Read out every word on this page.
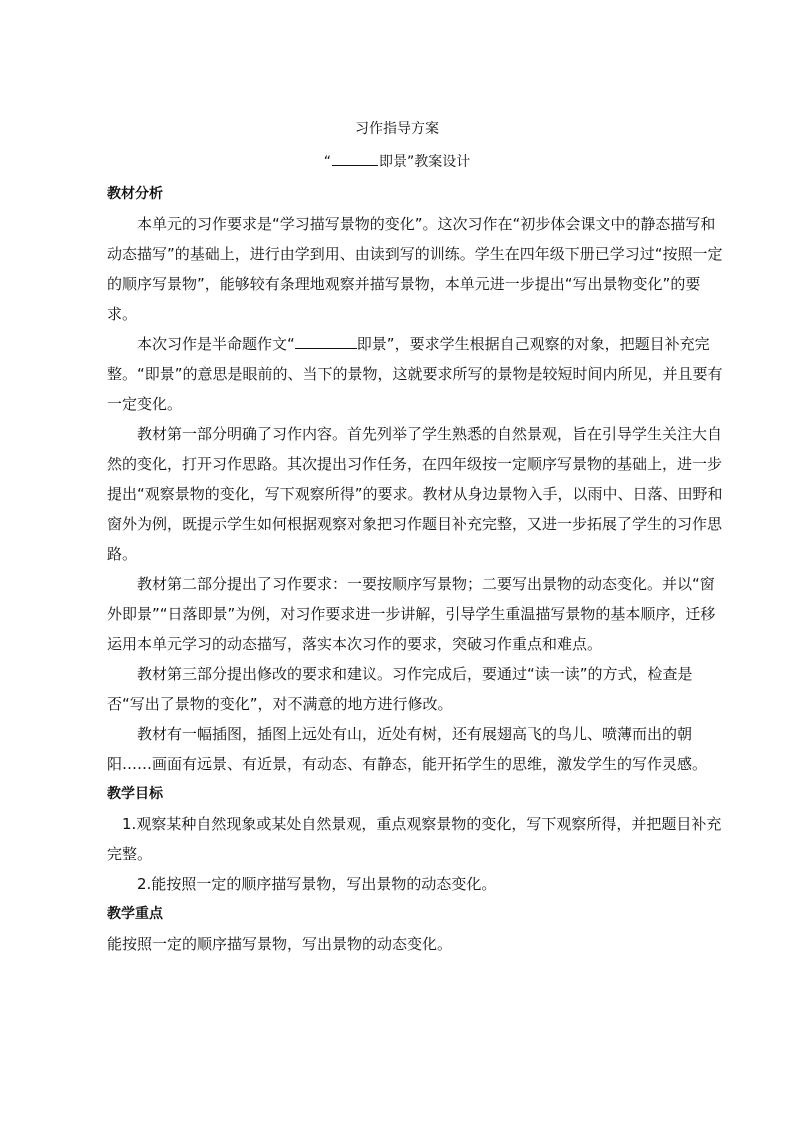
习作指导方案
“	即景”教案设计

教材分析

　　本单元的习作要求是“学习描写景物的变化”。这次习作在“初步体会课文中的静态描写和动态描写”的基础上，进行由学到用、由读到写的训练。学生在四年级下册已学习过“按照一定的顺序写景物”，能够较有条理地观察并描写景物，本单元进一步提出“写出景物变化”的要求。

　　本次习作是半命题作文“	即景”，要求学生根据自己观察的对象，把题目补充完整。“即景”的意思是眼前的、当下的景物，这就要求所写的景物是较短时间内所见，并且要有一定变化。

　　教材第一部分明确了习作内容。首先列举了学生熟悉的自然景观，旨在引导学生关注大自然的变化，打开习作思路。其次提出习作任务，在四年级按一定顺序写景物的基础上，进一步提出“观察景物的变化，写下观察所得”的要求。教材从身边景物入手，以雨中、日落、田野和窗外为例，既提示学生如何根据观察对象把习作题目补充完整，又进一步拓展了学生的习作思路。

　　教材第二部分提出了习作要求：一要按顺序写景物；二要写出景物的动态变化。并以“窗外即景”“日落即景”为例，对习作要求进一步讲解，引导学生重温描写景物的基本顺序，迁移运用本单元学习的动态描写，落实本次习作的要求，突破习作重点和难点。

　　教材第三部分提出修改的要求和建议。习作完成后，要通过“读一读”的方式，检查是否“写出了景物的变化”，对不满意的地方进行修改。

　　教材有一幅插图，插图上远处有山，近处有树，还有展翅高飞的鸟儿、喷薄而出的朝阳……画面有远景、有近景，有动态、有静态，能开拓学生的思维，激发学生的写作灵感。

教学目标

　1.观察某种自然现象或某处自然景观，重点观察景物的变化，写下观察所得，并把题目补充完整。

　　2.能按照一定的顺序描写景物，写出景物的动态变化。

教学重点

能按照一定的顺序描写景物，写出景物的动态变化。
